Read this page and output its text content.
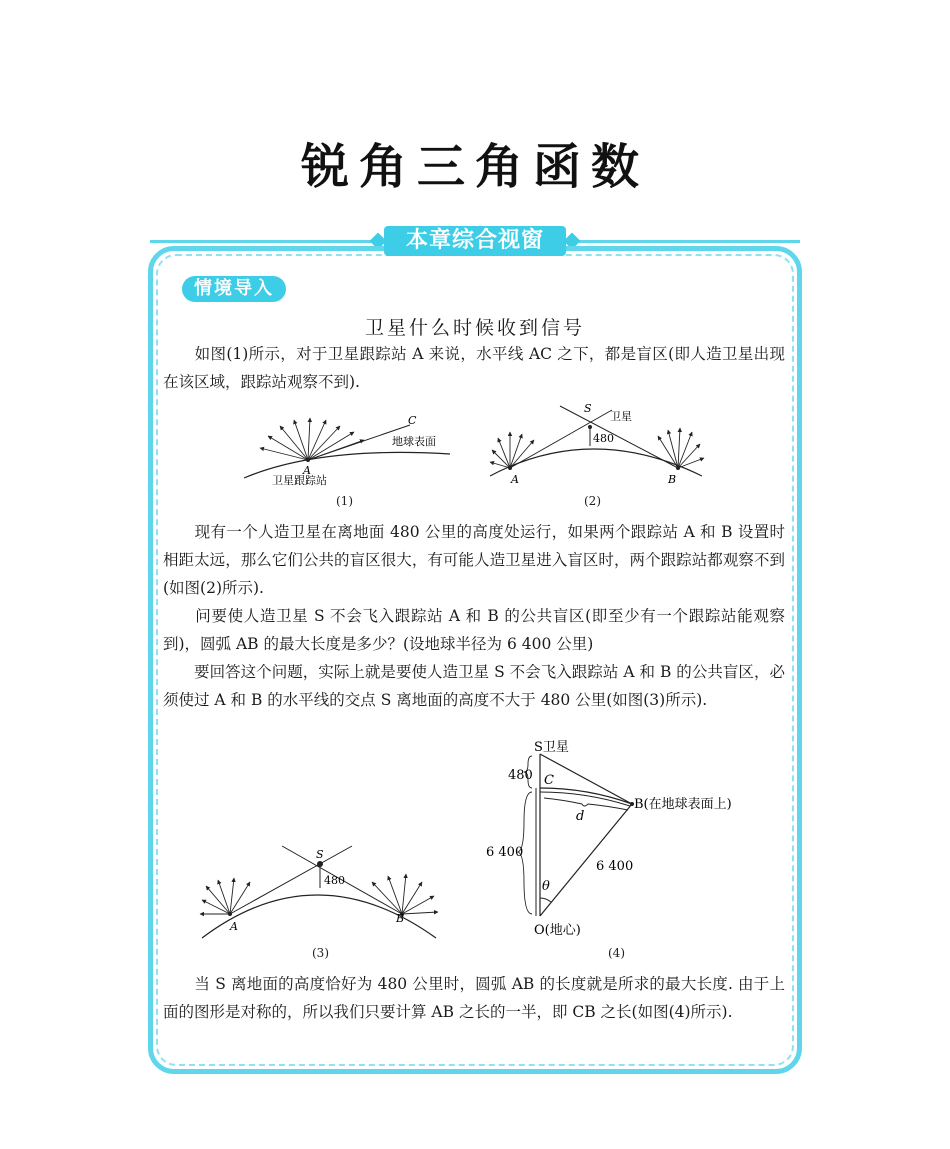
锐角三角函数
本章综合视窗
情境导入
卫星什么时候收到信号

　　如图(1)所示，对于卫星跟踪站 A 来说，水平线 AC 之下，都是盲区(即人造卫星出现在该区域，跟踪站观察不到).

A
C
地球表面
卫星跟踪站
(1)
S
卫星
480
A	B
(2)

　　现有一个人造卫星在离地面 480 公里的高度处运行，如果两个跟踪站 A 和 B 设置时相距太远，那么它们公共的盲区很大，有可能人造卫星进入盲区时，两个跟踪站都观察不到(如图(2)所示).

　　问要使人造卫星 S 不会飞入跟踪站 A 和 B 的公共盲区(即至少有一个跟踪站能观察到)，圆弧 AB 的最大长度是多少？(设地球半径为 6 400 公里)

　　要回答这个问题，实际上就是要使人造卫星 S 不会飞入跟踪站 A 和 B 的公共盲区，必须使过 A 和 B 的水平线的交点 S 离地面的高度不大于 480 公里(如图(3)所示).

S
480
A
B
(3)
S卫星
480 C
B(在地球表面上)
d
6 400
6 400
θ
O(地心)
(4)

　　当 S 离地面的高度恰好为 480 公里时，圆弧 AB 的长度就是所求的最大长度. 由于上面的图形是对称的，所以我们只要计算 AB 之长的一半，即 CB 之长(如图(4)所示).
